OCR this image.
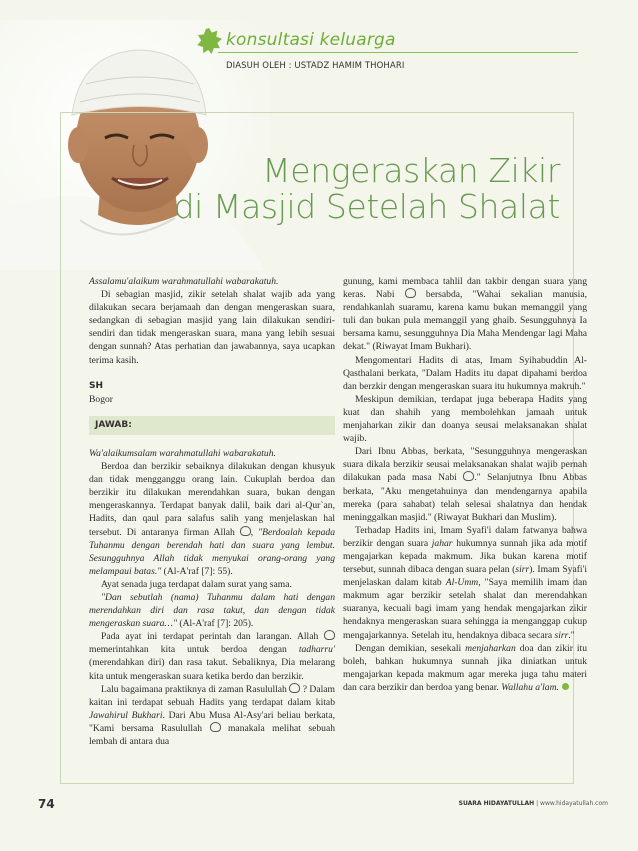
konsultasi keluarga
DIASUH OLEH : USTADZ HAMIM THOHARI
Mengeraskan Zikir
di Masjid Setelah Shalat

Assalamu'alaikum warahmatullahi wabarakatuh.

Di sebagian masjid, zikir setelah shalat wajib ada yang dilakukan secara berjamaah dan dengan mengeraskan suara, sedangkan di sebagian masjid yang lain dilakukan sendiri-sendiri dan tidak mengeraskan suara, mana yang lebih sesuai dengan sunnah? Atas perhatian dan jawabannya, saya ucapkan terima kasih.

SH
Bogor
JAWAB:

Wa'alaikumsalam warahmatullahi wabarakatuh.

Berdoa dan berzikir sebaiknya dilakukan dengan khusyuk dan tidak mengganggu orang lain. Cukuplah berdoa dan berzikir itu dilakukan merendahkan suara, bukan dengan mengeraskannya. Terdapat banyak dalil, baik dari al-Qur`an, Hadits, dan qaul para salafus salih yang menjelaskan hal tersebut. Di antaranya firman Allah , "Berdoalah kepada Tuhanmu dengan berendah hati dan suara yang lembut. Sesungguhnya Allah tidak menyukai orang-orang yang melampaui batas." (Al-A'raf [7]: 55).

Ayat senada juga terdapat dalam surat yang sama.

"Dan sebutlah (nama) Tuhanmu dalam hati dengan merendahkan diri dan rasa takut, dan dengan tidak mengeraskan suara…" (Al-A'raf [7]: 205).

Pada ayat ini terdapat perintah dan larangan. Allah  memerintahkan kita untuk berdoa dengan tadharru' (merendahkan diri) dan rasa takut. Sebaliknya, Dia melarang kita untuk mengeraskan suara ketika berdo dan berzikir.

Lalu bagaimana praktiknya di zaman Rasulullah ? Dalam kaitan ini terdapat sebuah Hadits yang terdapat dalam kitab Jawahirul Bukhari. Dari Abu Musa Al-Asy'ari beliau berkata, "Kami bersama Rasulullah	manakala melihat sebuah lembah di antara dua

gunung, kami membaca tahlil dan takbir dengan suara yang keras. Nabi	bersabda, "Wahai sekalian manusia, rendahkanlah suaramu, karena kamu bukan memanggil yang tuli dan bukan pula memanggil yang ghaib. Sesungguhnya Ia bersama kamu, sesungguhnya Dia Maha Mendengar lagi Maha dekat." (Riwayat Imam Bukhari).

Mengomentari Hadits di atas, Imam Syihabuddin Al-Qasthalani berkata, "Dalam Hadits itu dapat dipahami berdoa dan berzkir dengan mengeraskan suara itu hukumnya makruh."

Meskipun demikian, terdapat juga beberapa Hadits yang kuat dan shahih yang membolehkan jamaah untuk menjaharkan zikir dan doanya seusai melaksanakan shalat wajib.

Dari Ibnu Abbas, berkata, "Sesungguhnya mengeraskan suara dikala berzikir seusai melaksanakan shalat wajib pernah dilakukan pada masa Nabi ." Selanjutnya Ibnu Abbas berkata, "Aku mengetahuinya dan mendengarnya apabila mereka (para sahabat) telah selesai shalatnya dan hendak meninggalkan masjid." (Riwayat Bukhari dan Muslim).

Terhadap Hadits ini, Imam Syafi'i dalam fatwanya bahwa berzikir dengan suara jahar hukumnya sunnah jika ada motif mengajarkan kepada makmum. Jika bukan karena motif tersebut, sunnah dibaca dengan suara pelan (sirr). Imam Syafi'i menjelaskan dalam kitab Al-Umm, "Saya memilih imam dan makmum agar berzikir setelah shalat dan merendahkan suaranya, kecuali bagi imam yang hendak mengajarkan zikir hendaknya mengeraskan suara sehingga ia menganggap cukup mengajarkannya. Setelah itu, hendaknya dibaca secara sirr."

Dengan demikian, sesekali menjaharkan doa dan zikir itu boleh, bahkan hukumnya sunnah jika diniatkan untuk mengajarkan kepada makmum agar mereka juga tahu materi dan cara berzikir dan berdoa yang benar. Wallahu a'lam.

74	SUARA HIDAYATULLAH | www.hidayatullah.com
